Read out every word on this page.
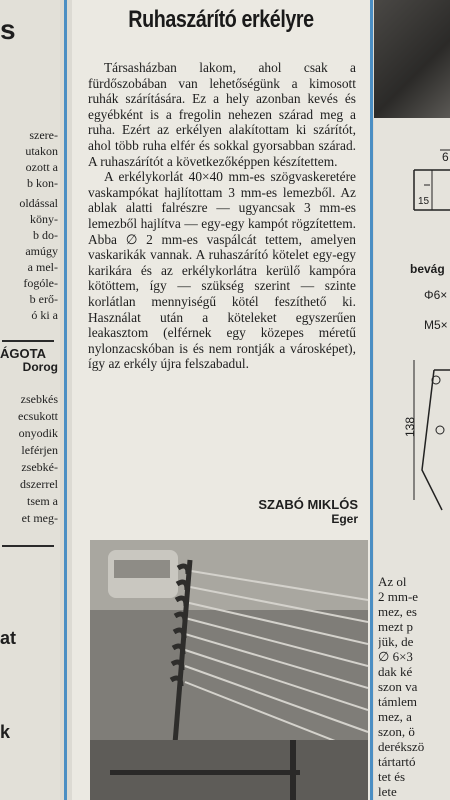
s
szere-
utakon
ozott a
b kon-
oldással
köny-
b do-
amúgy
a mel-
fogóle-
b erő-
ó ki a
ÁGOTA
Dorog
zsebkés
ecsukott
onyodik
leférjen
zsebké-
dszerrel
tsem a
et meg-
at
k
Ruhaszárító erkélyre

Társasházban lakom, ahol csak a fürdőszobában van lehetőségünk a kimosott ruhák szárítására. Ez a hely azonban kevés és egyébként is a fregolin nehezen szárad meg a ruha. Ezért az erkélyen alakítottam ki szárítót, ahol több ruha elfér és sokkal gyorsabban szárad. A ruhaszárítót a következőképpen készítettem.

A erkélykorlát 40×40 mm-es szögvaskeretére vaskampókat hajlítottam 3 mm-es lemezből. Az ablak alatti falrészre — ugyancsak 3 mm-es lemezből hajlítva — egy-egy kampót rögzítettem. Abba ∅ 2 mm-es vaspálcát tettem, amelyen vaskarikák vannak. A ruhaszárító kötelet egy-egy karikára és az erkélykorlátra kerülő kampóra kötöttem, így — szükség szerint — szinte korlátlan mennyiségű kötél feszíthető ki. Használat után a köteleket egyszerűen leakasztom (elférnek egy közepes méretű nylonzacskóban is és nem rontják a városképet), így az erkély újra felszabadul.

SZABÓ MIKLÓS
Eger
6
15
bevág
Φ6×
M5×
138
Az ol
2 mm-e
mez, es
mezt p
jük, de
∅ 6×3
dak ké
szon va
támlem
mez, a
szon, ö
derékszö
tártartó
tet és
lete
